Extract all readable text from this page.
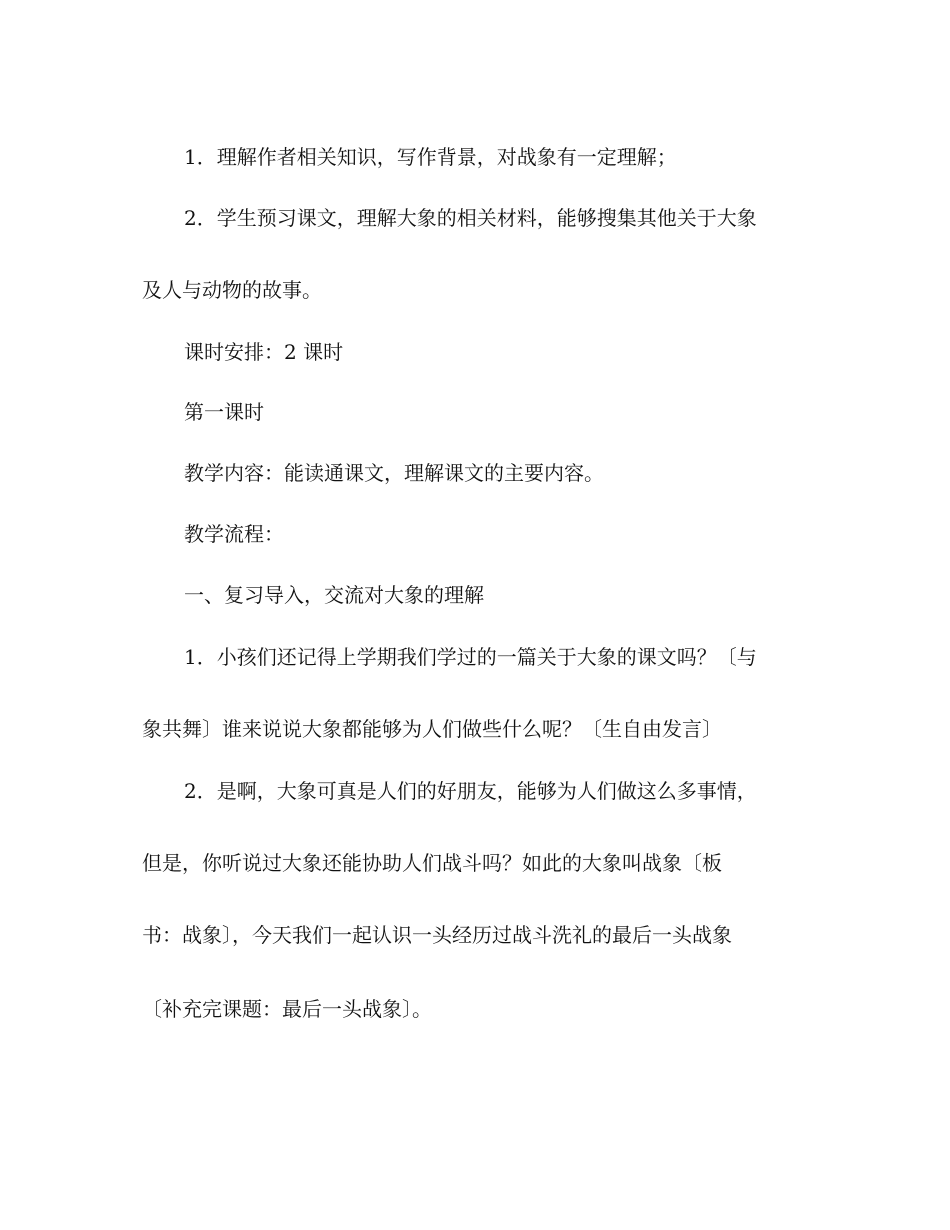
1．理解作者相关知识，写作背景，对战象有一定理解；
2．学生预习课文，理解大象的相关材料，能够搜集其他关于大象
及人与动物的故事。
课时安排：2 课时
第一课时
教学内容：能读通课文，理解课文的主要内容。
教学流程：
一、复习导入，交流对大象的理解
1．小孩们还记得上学期我们学过的一篇关于大象的课文吗？〔与
象共舞〕谁来说说大象都能够为人们做些什么呢？〔生自由发言〕
2．是啊，大象可真是人们的好朋友，能够为人们做这么多事情，
但是，你听说过大象还能协助人们战斗吗？如此的大象叫战象〔板
书：战象〕，今天我们一起认识一头经历过战斗洗礼的最后一头战象
〔补充完课题：最后一头战象〕。
